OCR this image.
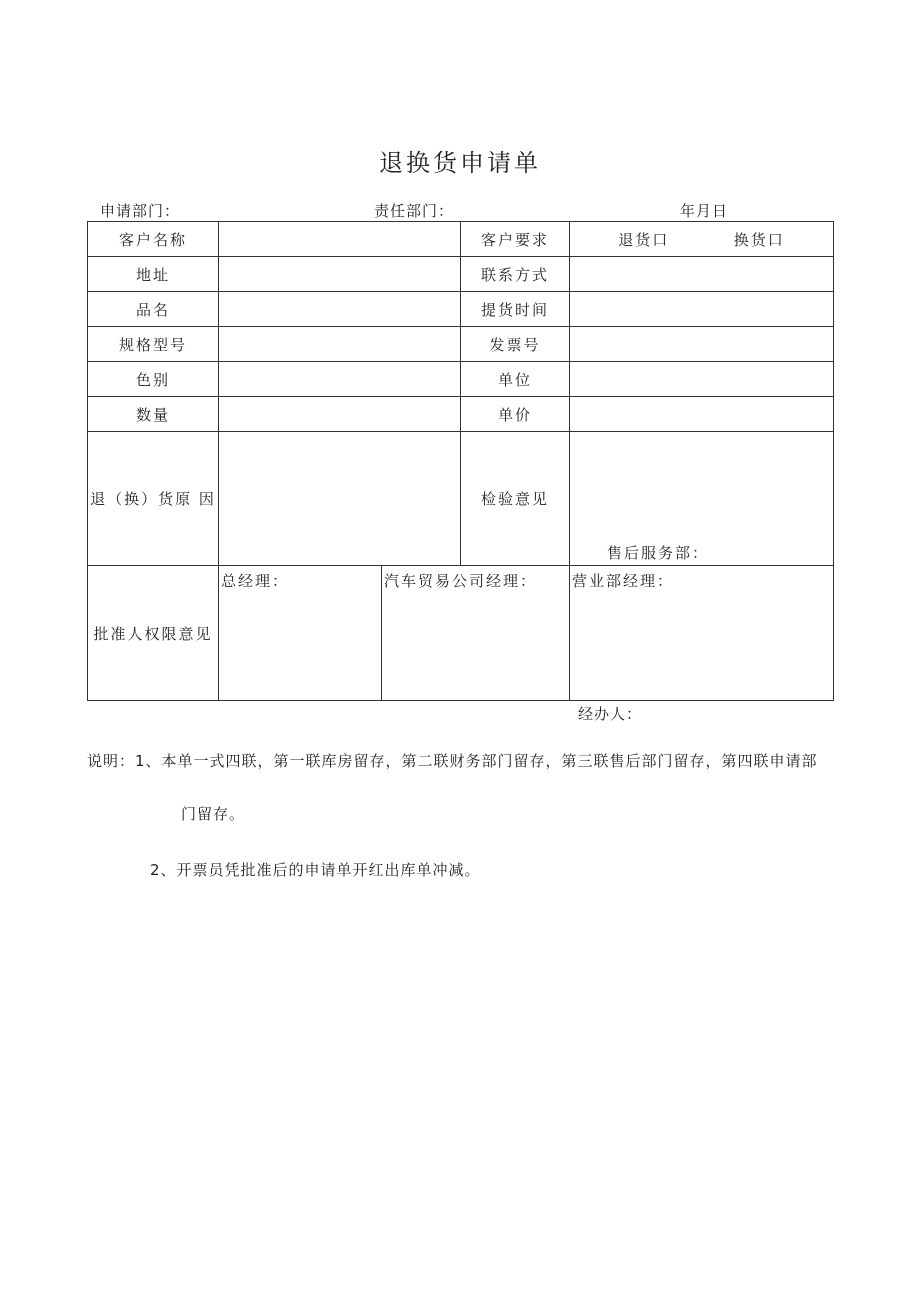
退换货申请单
申请部门：	责任部门：	年月日
客户名称			客户要求	退货口 换货口

地址			联系方式	
品名			提货时间	
规格型号			发票号	
色别			单位	
数量			单价	
退（换）货原 因			检验意见	售后服务部：

批准人权限意见	总经理：	汽车贸易公司经理：		营业部经理：
经办人：
说明：1、本单一式四联，第一联库房留存，第二联财务部门留存，第三联售后部门留存，第四联申请部
门留存。
2、开票员凭批准后的申请单开红出库单冲减。
